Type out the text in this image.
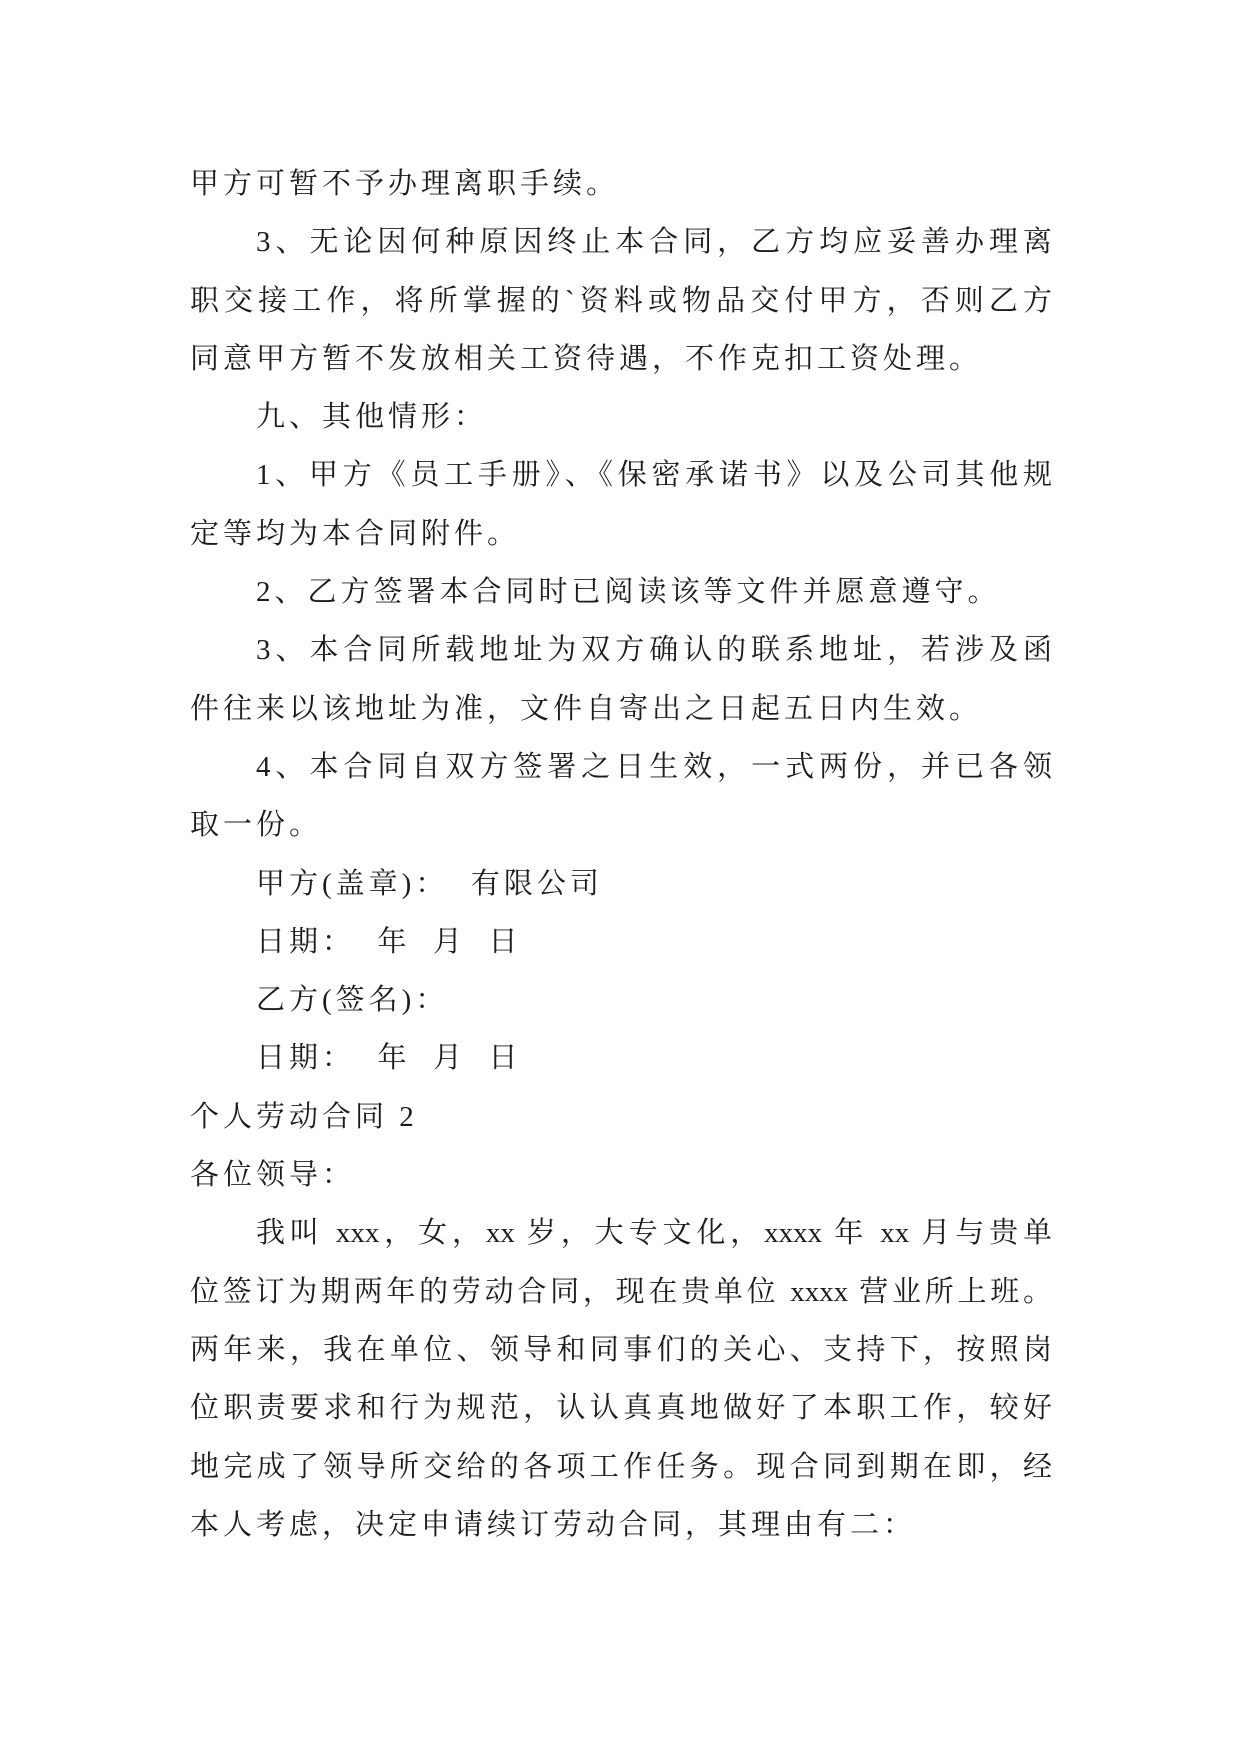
甲方可暂不予办理离职手续。
3、无论因何种原因终止本合同，乙方均应妥善办理离
职交接工作，将所掌握的`资料或物品交付甲方，否则乙方
同意甲方暂不发放相关工资待遇，不作克扣工资处理。
九、其他情形：
1、甲方《员工手册》、《保密承诺书》以及公司其他规
定等均为本合同附件。
2、乙方签署本合同时已阅读该等文件并愿意遵守。
3、本合同所载地址为双方确认的联系地址，若涉及函
件往来以该地址为准，文件自寄出之日起五日内生效。
4、本合同自双方签署之日生效，一式两份，并已各领
取一份。
甲方(盖章)：  有限公司
日期：  年  月  日
乙方(签名)：
日期：  年  月  日
个人劳动合同 2
各位领导：
我叫 xxx，女，xx 岁，大专文化，xxxx 年 xx 月与贵单
位签订为期两年的劳动合同，现在贵单位 xxxx 营业所上班。
两年来，我在单位、领导和同事们的关心、支持下，按照岗
位职责要求和行为规范，认认真真地做好了本职工作，较好
地完成了领导所交给的各项工作任务。现合同到期在即，经
本人考虑，决定申请续订劳动合同，其理由有二：
